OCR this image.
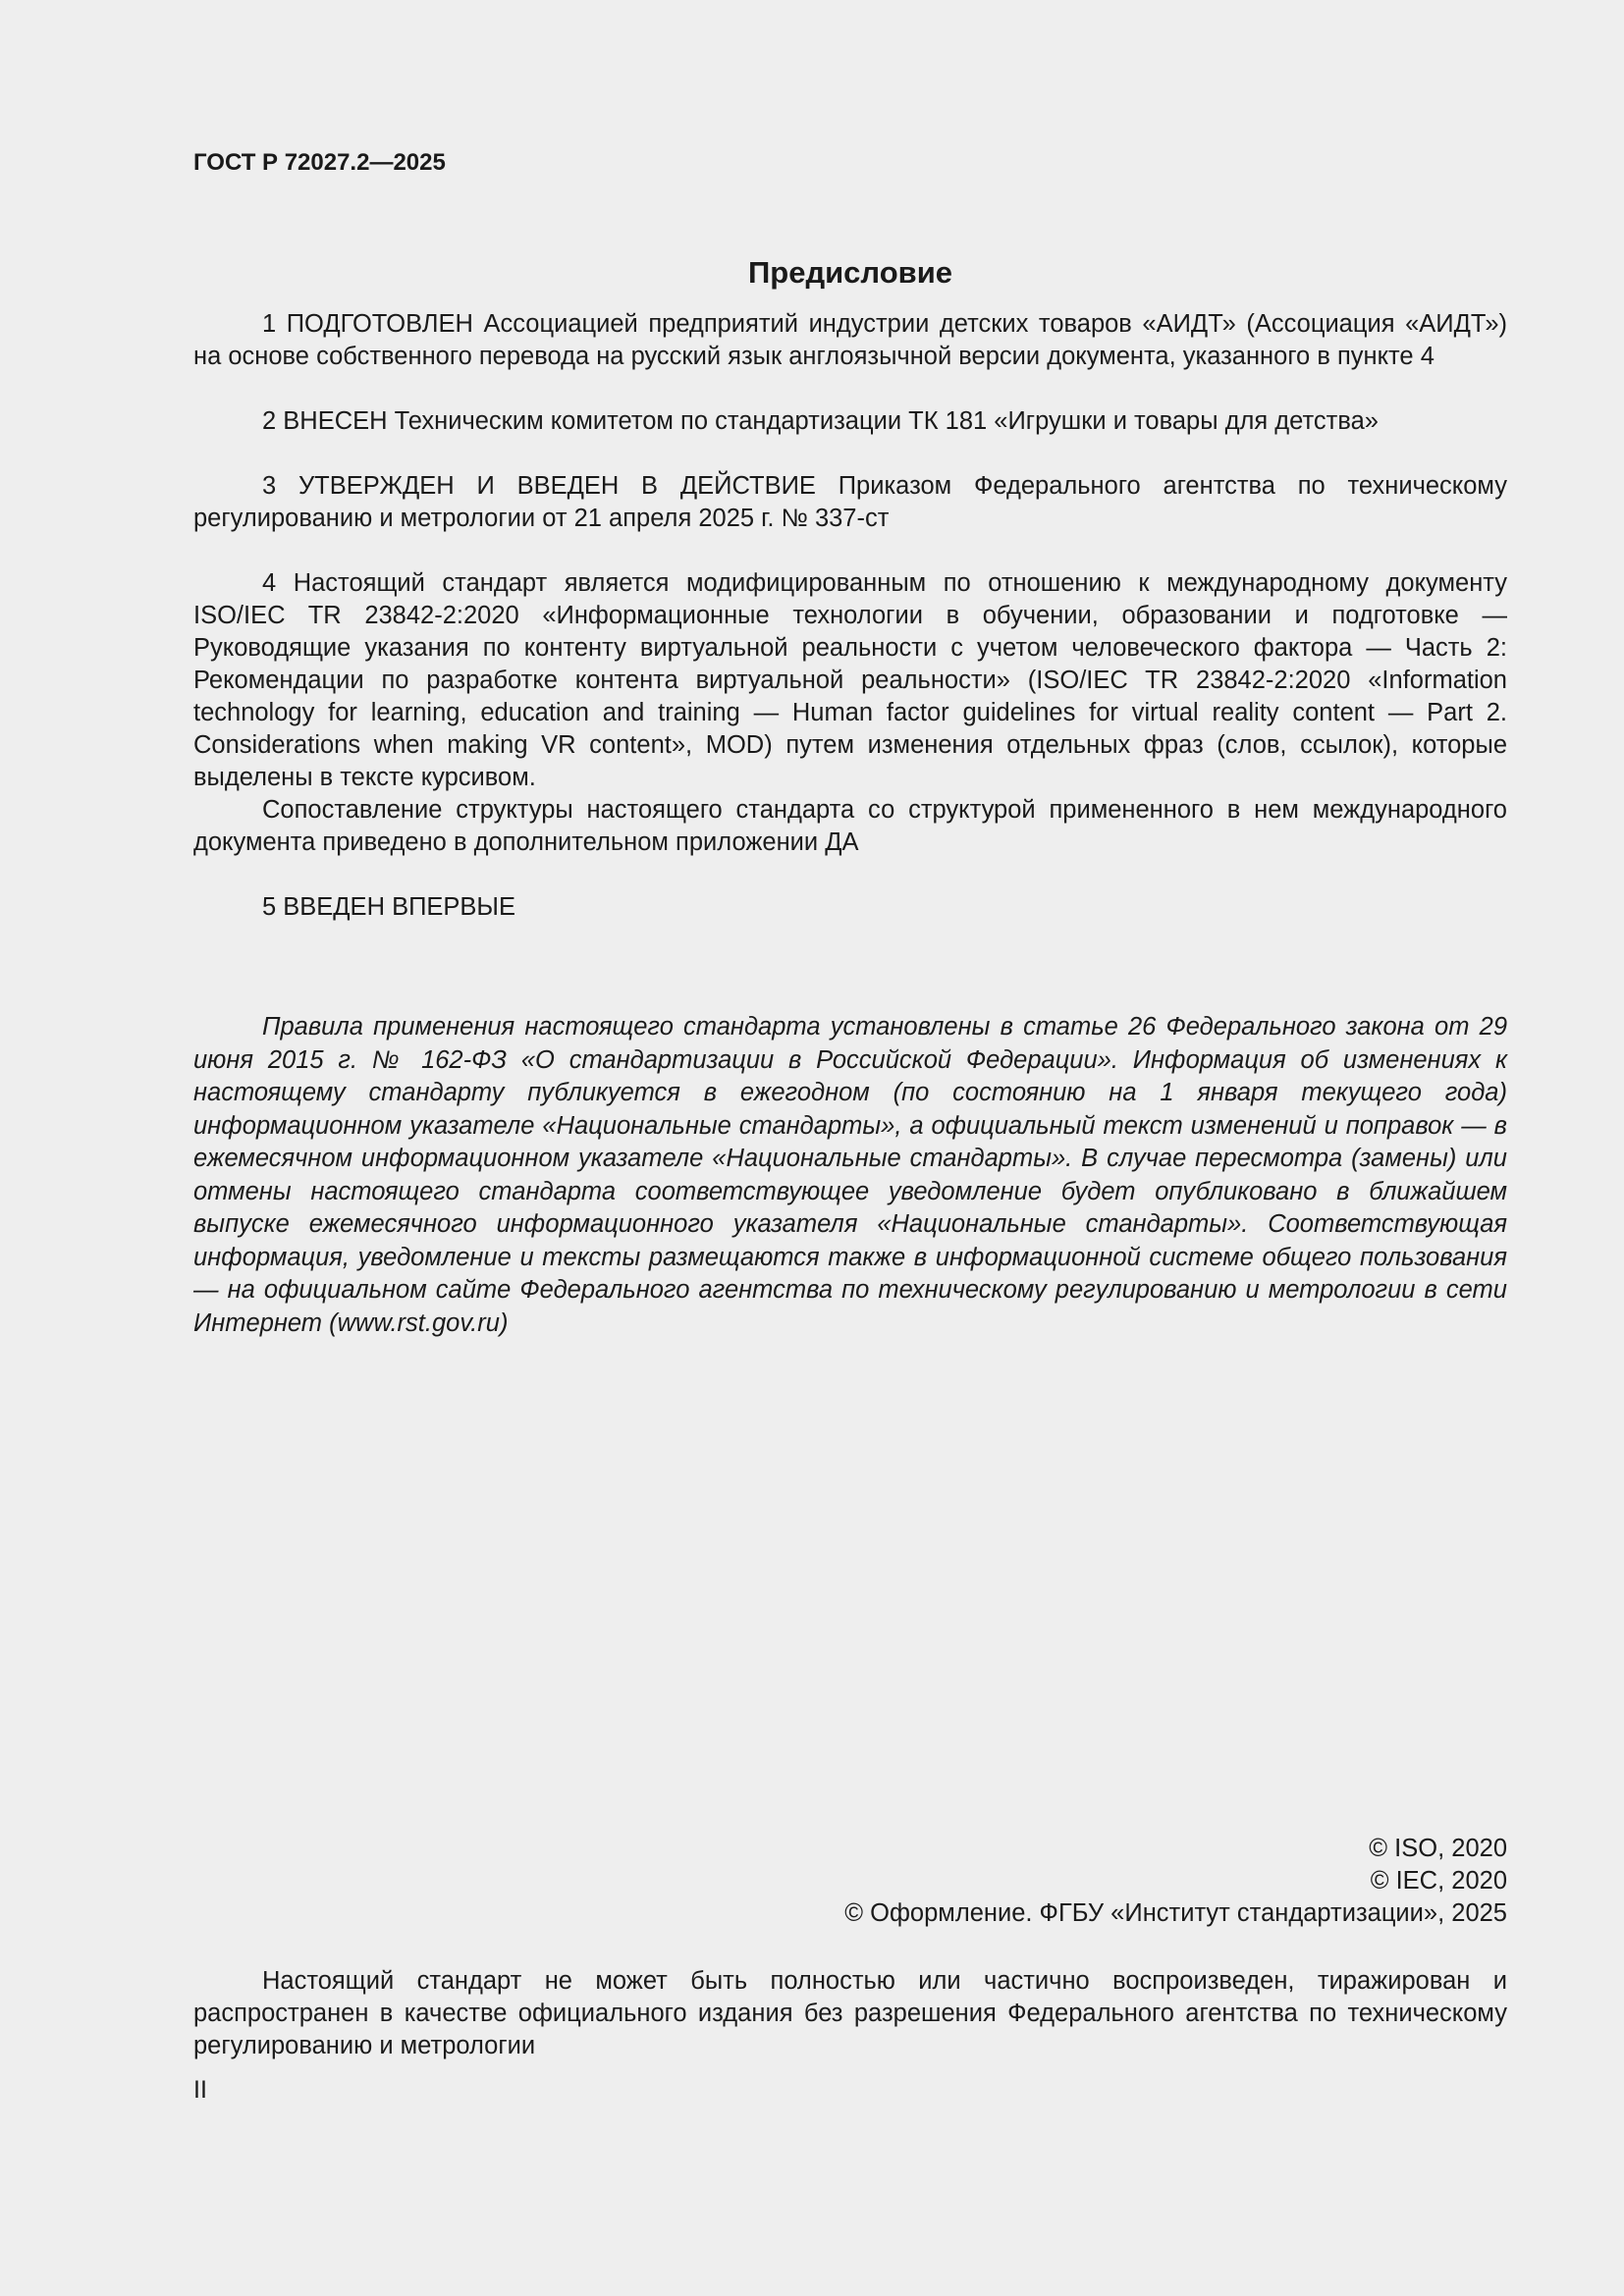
ГОСТ Р 72027.2—2025

Предисловие

1 ПОДГОТОВЛЕН Ассоциацией предприятий индустрии детских товаров «АИДТ» (Ассоциация «АИДТ») на основе собственного перевода на русский язык англоязычной версии документа, указанного в пункте 4

2 ВНЕСЕН Техническим комитетом по стандартизации ТК 181 «Игрушки и товары для детства»

3 УТВЕРЖДЕН И ВВЕДЕН В ДЕЙСТВИЕ Приказом Федерального агентства по техническому регулированию и метрологии от 21 апреля 2025 г. № 337-ст

4 Настоящий стандарт является модифицированным по отношению к международному документу ISO/IEC TR 23842-2:2020 «Информационные технологии в обучении, образовании и подготовке — Руководящие указания по контенту виртуальной реальности с учетом человеческого фактора — Часть 2: Рекомендации по разработке контента виртуальной реальности» (ISO/IEC TR 23842-2:2020 «Information technology for learning, education and training — Human factor guidelines for virtual reality content — Part 2. Considerations when making VR content», MOD) путем изменения отдельных фраз (слов, ссылок), которые выделены в тексте курсивом.

Сопоставление структуры настоящего стандарта со структурой примененного в нем международного документа приведено в дополнительном приложении ДА

5 ВВЕДЕН ВПЕРВЫЕ

Правила применения настоящего стандарта установлены в статье 26 Федерального закона от 29 июня 2015 г. № 162-ФЗ «О стандартизации в Российской Федерации». Информация об изменениях к настоящему стандарту публикуется в ежегодном (по состоянию на 1 января текущего года) информационном указателе «Национальные стандарты», а официальный текст изменений и поправок — в ежемесячном информационном указателе «Национальные стандарты». В случае пересмотра (замены) или отмены настоящего стандарта соответствующее уведомление будет опубликовано в ближайшем выпуске ежемесячного информационного указателя «Национальные стандарты». Соответствующая информация, уведомление и тексты размещаются также в информационной системе общего пользования — на официальном сайте Федерального агентства по техническому регулированию и метрологии в сети Интернет (www.rst.gov.ru)

© ISO, 2020
© IEC, 2020
© Оформление. ФГБУ «Институт стандартизации», 2025

Настоящий стандарт не может быть полностью или частично воспроизведен, тиражирован и распространен в качестве официального издания без разрешения Федерального агентства по техническому регулированию и метрологии

II
